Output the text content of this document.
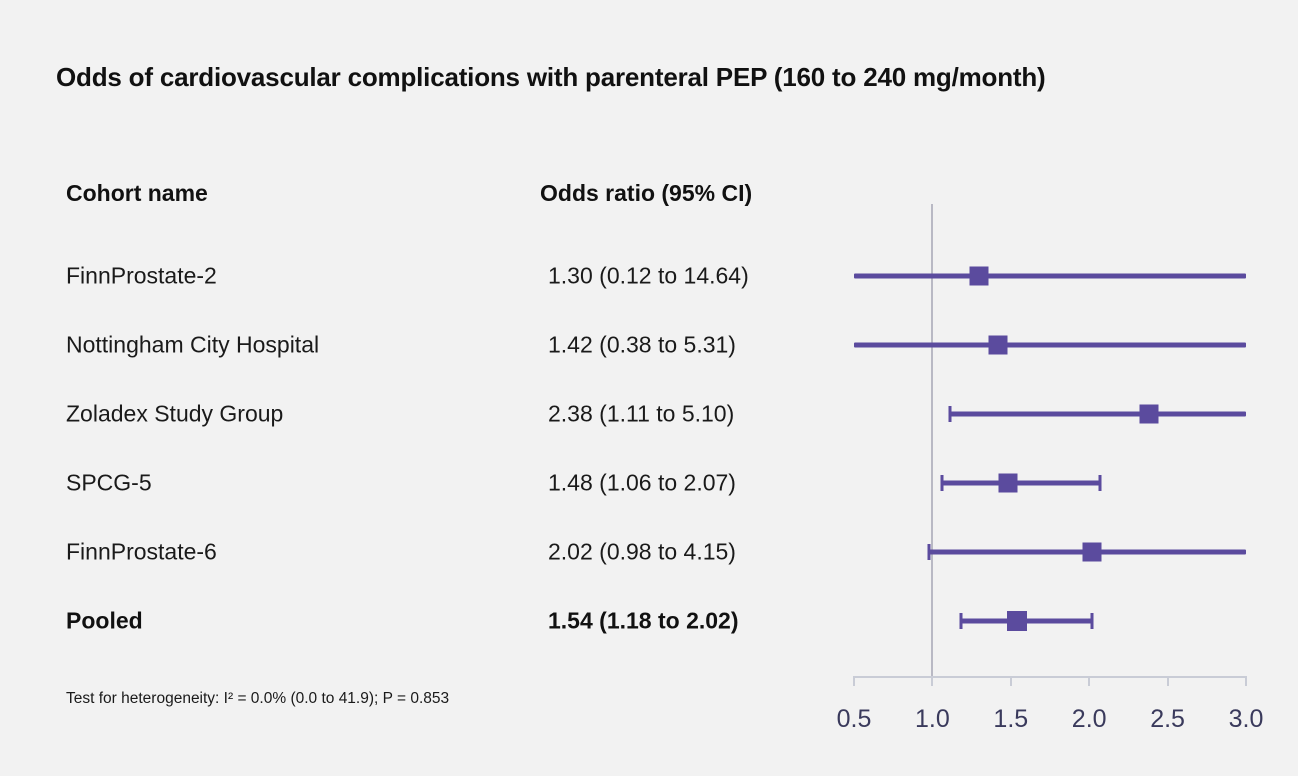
Odds of cardiovascular complications with parenteral PEP (160 to 240 mg/month)
Cohort name	Odds ratio (95% CI)
FinnProstate-2	1.30 (0.12 to 14.64)
Nottingham City Hospital	1.42 (0.38 to 5.31)
Zoladex Study Group	2.38 (1.11 to 5.10)
SPCG-5	1.48 (1.06 to 2.07)
FinnProstate-6	2.02 (0.98 to 4.15)
Pooled	1.54 (1.18 to 2.02)
Test for heterogeneity: I² = 0.0% (0.0 to 41.9); P = 0.853
0.5 1.0 1.5 2.0 2.5 3.0
